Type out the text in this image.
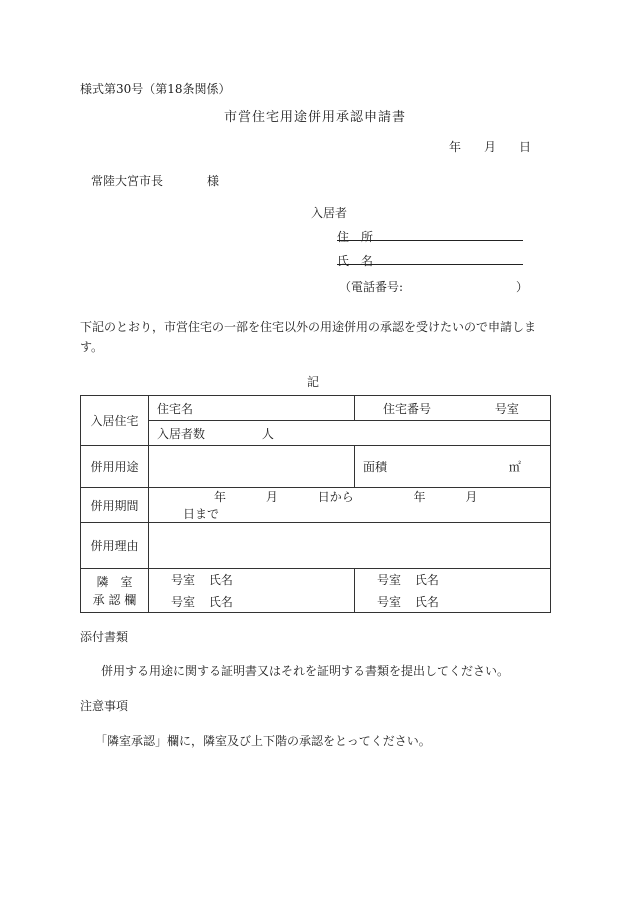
様式第30号（第18条関係）
市営住宅用途併用承認申請書
年 月 日
常陸大宮市長	様
入居者
住　所
氏　名
（電話番号:	）
下記のとおり，市営住宅の一部を住宅以外の用途併用の承認を受けたいので申請します。
記
入居住宅	住宅名	住宅番号 号室
	入居者数 人	
併用用途		面積 ㎡
併用期間	年 月 日から 年 月 日まで	
併用理由		

隣　室
承 認 欄	号室 氏名	号室 氏名
	号室 氏名	号室 氏名
添付書類
併用する用途に関する証明書又はそれを証明する書類を提出してください。
注意事項
「隣室承認」欄に，隣室及び上下階の承認をとってください。
